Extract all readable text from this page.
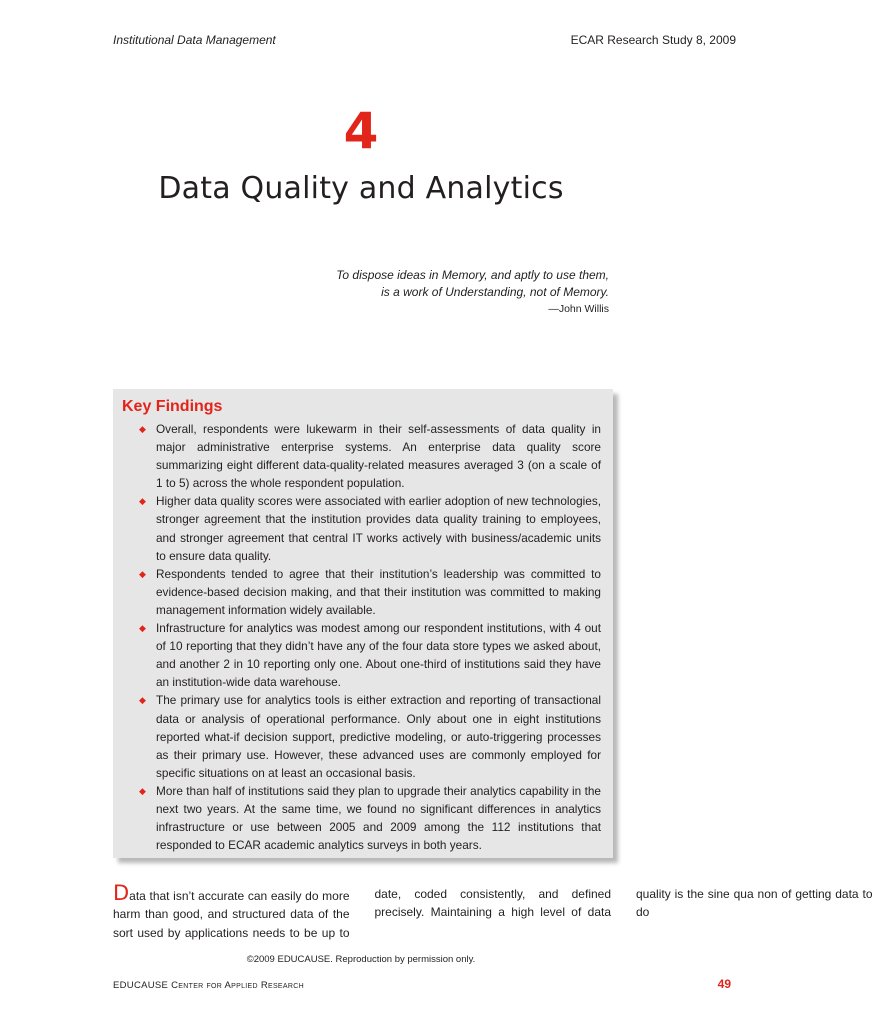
Institutional Data Management	ECAR Research Study 8, 2009
4
Data Quality and Analytics
To dispose ideas in Memory, and aptly to use them,
is a work of Understanding, not of Memory.
—John Willis
Key Findings
◆ Overall, respondents were lukewarm in their self-assessments of data quality in major administrative enterprise systems. An enterprise data quality score summarizing eight different data-quality-related measures averaged 3 (on a scale of 1 to 5) across the whole respondent population.
◆ Higher data quality scores were associated with earlier adoption of new technologies, stronger agreement that the institution provides data quality training to employees, and stronger agreement that central IT works actively with business/academic units to ensure data quality.
◆ Respondents tended to agree that their institution’s leadership was committed to evidence-based decision making, and that their institution was committed to making management information widely available.
◆ Infrastructure for analytics was modest among our respondent institutions, with 4 out of 10 reporting that they didn’t have any of the four data store types we asked about, and another 2 in 10 reporting only one. About one-third of institutions said they have an institution-wide data warehouse.
◆ The primary use for analytics tools is either extraction and reporting of transactional data or analysis of operational performance. Only about one in eight institutions reported what-if decision support, predictive modeling, or auto-triggering processes as their primary use. However, these advanced uses are commonly employed for specific situations on at least an occasional basis.
◆ More than half of institutions said they plan to upgrade their analytics capability in the next two years. At the same time, we found no significant differences in analytics infrastructure or use between 2005 and 2009 among the 112 institutions that responded to ECAR academic analytics surveys in both years.

Data that isn’t accurate can easily do more harm than good, and structured data of the sort used by applications needs to be up to date, coded consistently, and defined precisely. Maintaining a high level of data quality is the sine qua non of getting data to do

©2009 EDUCAUSE. Reproduction by permission only.
EDUCAUSE Center for Applied Research	49
